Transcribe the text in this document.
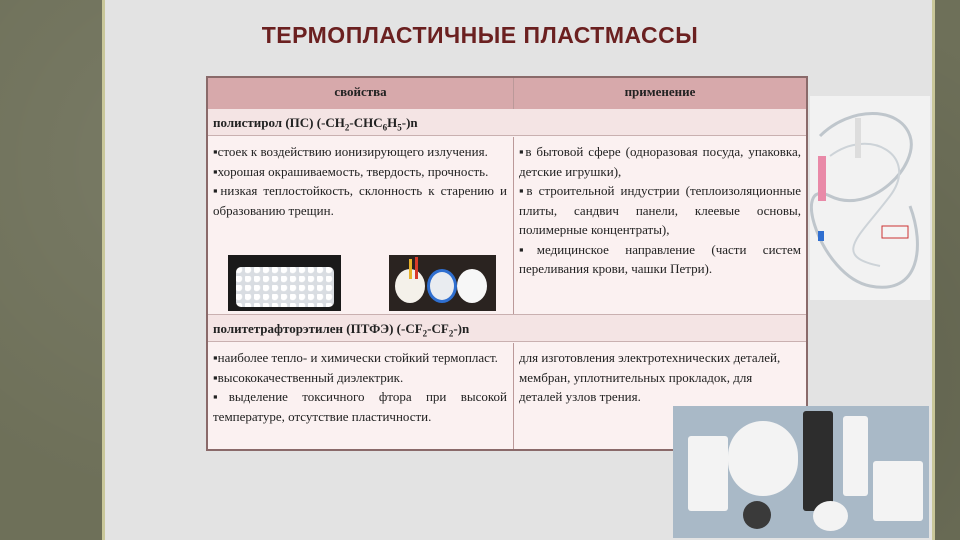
ТЕРМОПЛАСТИЧНЫЕ ПЛАСТМАССЫ
свойства	применение
полистирол (ПС) $(-СН_2-СНС_6Н_5-)n$

▪стоек к воздействию ионизирующего излучения.

▪хорошая окрашиваемость, твердость, прочность.

▪низкая теплостойкость, склонность к старению и образованию трещин.

▪в бытовой сфере (одноразовая посуда, упаковка, детские игрушки),

▪в строительной индустрии (теплоизоляционные плиты, сандвич панели, клеевые основы, полимерные концентраты),

▪медицинское направление (части систем переливания крови, чашки Петри).

политетрафторэтилен (ПТФЭ) $(-CF_2-CF_2-)n$

▪наиболее тепло- и химически стойкий термопласт.

▪высококачественный диэлектрик.

▪выделение токсичного фтора при высокой температуре, отсутствие пластичности.

для изготовления электротехнических деталей, мембран, уплотнительных прокладок, для деталей узлов трения.
